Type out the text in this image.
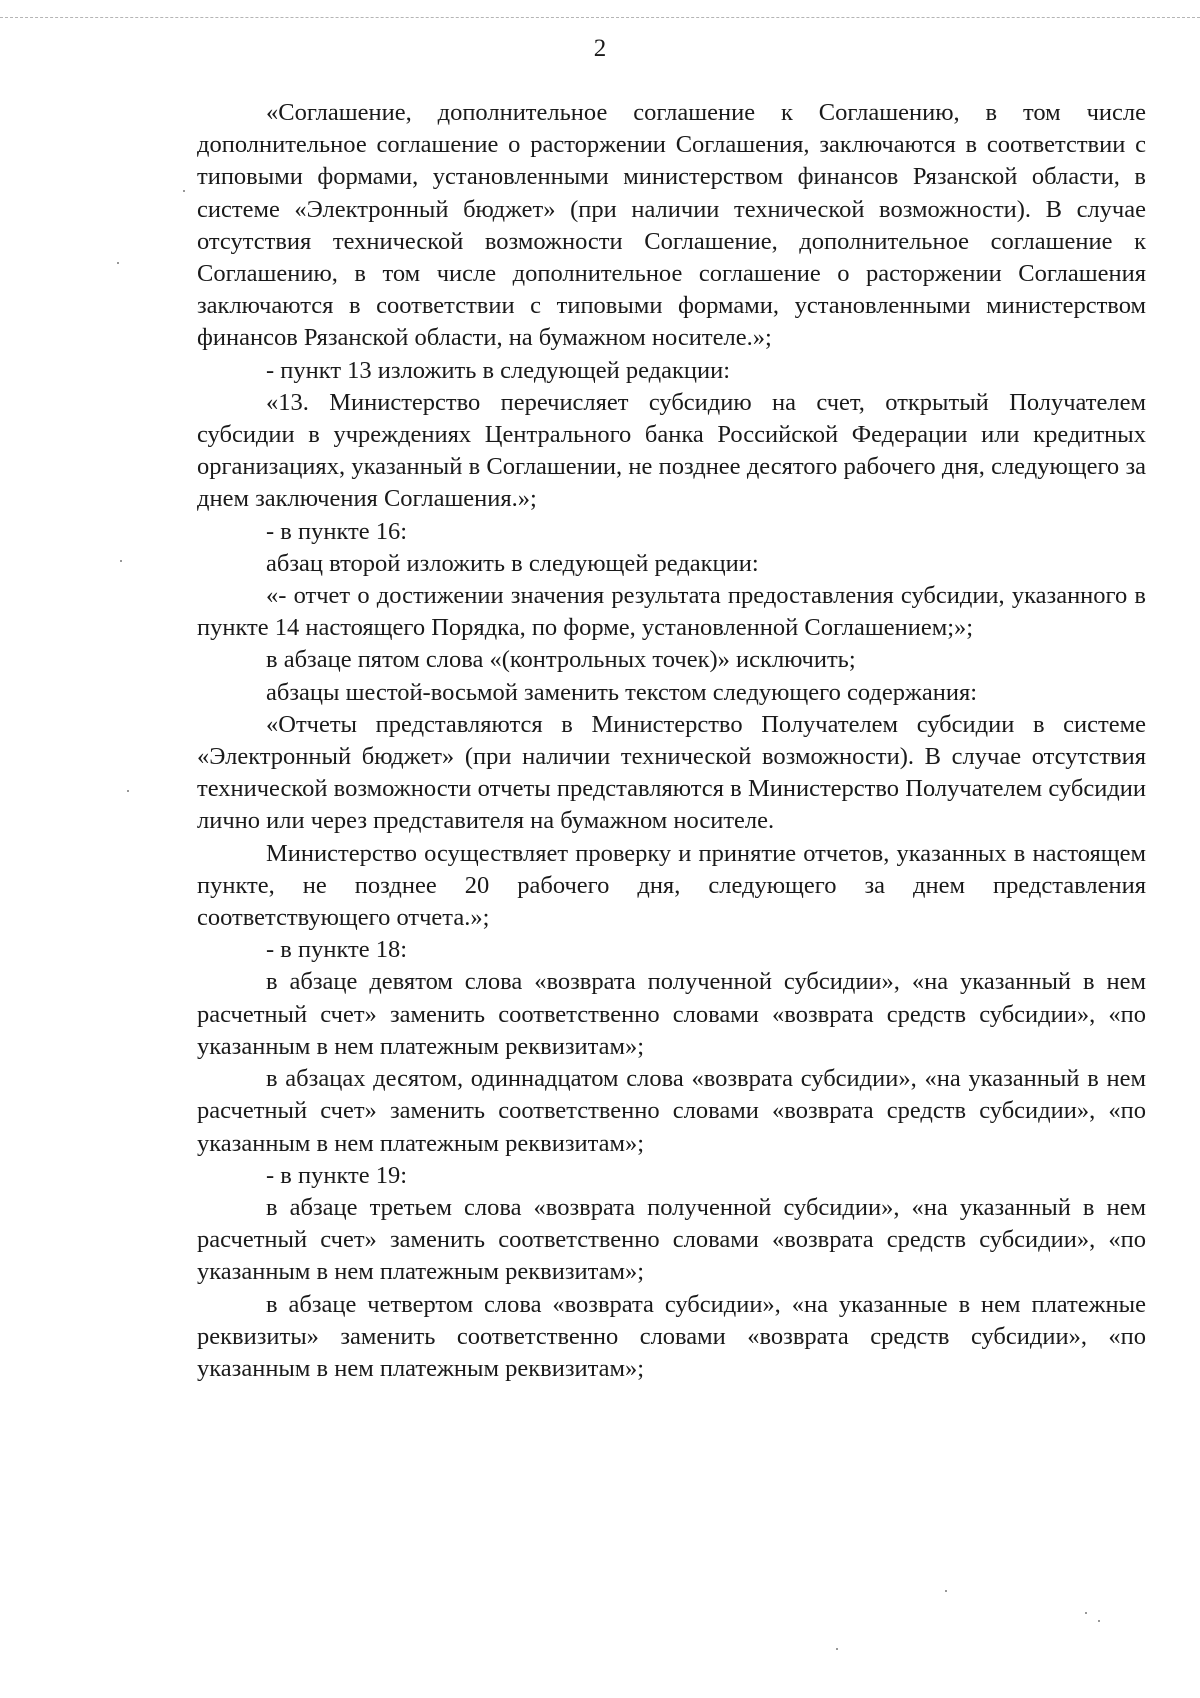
2

«Соглашение, дополнительное соглашение к Соглашению, в том числе дополнительное соглашение о расторжении Соглашения, заключаются в соответствии с типовыми формами, установленными министерством финансов Рязанской области, в системе «Электронный бюджет» (при наличии технической возможности). В случае отсутствия технической возможности Соглашение, дополнительное соглашение к Соглашению, в том числе дополнительное соглашение о расторжении Соглашения заключаются в соответствии с типовыми формами, установленными министерством финансов Рязанской области, на бумажном носителе.»;

- пункт 13 изложить в следующей редакции:

«13. Министерство перечисляет субсидию на счет, открытый Получателем субсидии в учреждениях Центрального банка Российской Федерации или кредитных организациях, указанный в Соглашении, не позднее десятого рабочего дня, следующего за днем заключения Соглашения.»;

- в пункте 16:

абзац второй изложить в следующей редакции:

«- отчет о достижении значения результата предоставления субсидии, указанного в пункте 14 настоящего Порядка, по форме, установленной Соглашением;»;

в абзаце пятом слова «(контрольных точек)» исключить;

абзацы шестой-восьмой заменить текстом следующего содержания:

«Отчеты представляются в Министерство Получателем субсидии в системе «Электронный бюджет» (при наличии технической возможности). В случае отсутствия технической возможности отчеты представляются в Министерство Получателем субсидии лично или через представителя на бумажном носителе.

Министерство осуществляет проверку и принятие отчетов, указанных в настоящем пункте, не позднее 20 рабочего дня, следующего за днем представления соответствующего отчета.»;

- в пункте 18:

в абзаце девятом слова «возврата полученной субсидии», «на указанный в нем расчетный счет» заменить соответственно словами «возврата средств субсидии», «по указанным в нем платежным реквизитам»;

в абзацах десятом, одиннадцатом слова «возврата субсидии», «на указанный в нем расчетный счет» заменить соответственно словами «возврата средств субсидии», «по указанным в нем платежным реквизитам»;

- в пункте 19:

в абзаце третьем слова «возврата полученной субсидии», «на указанный в нем расчетный счет» заменить соответственно словами «возврата средств субсидии», «по указанным в нем платежным реквизитам»;

в абзаце четвертом слова «возврата субсидии», «на указанные в нем платежные реквизиты» заменить соответственно словами «возврата средств субсидии», «по указанным в нем платежным реквизитам»;
